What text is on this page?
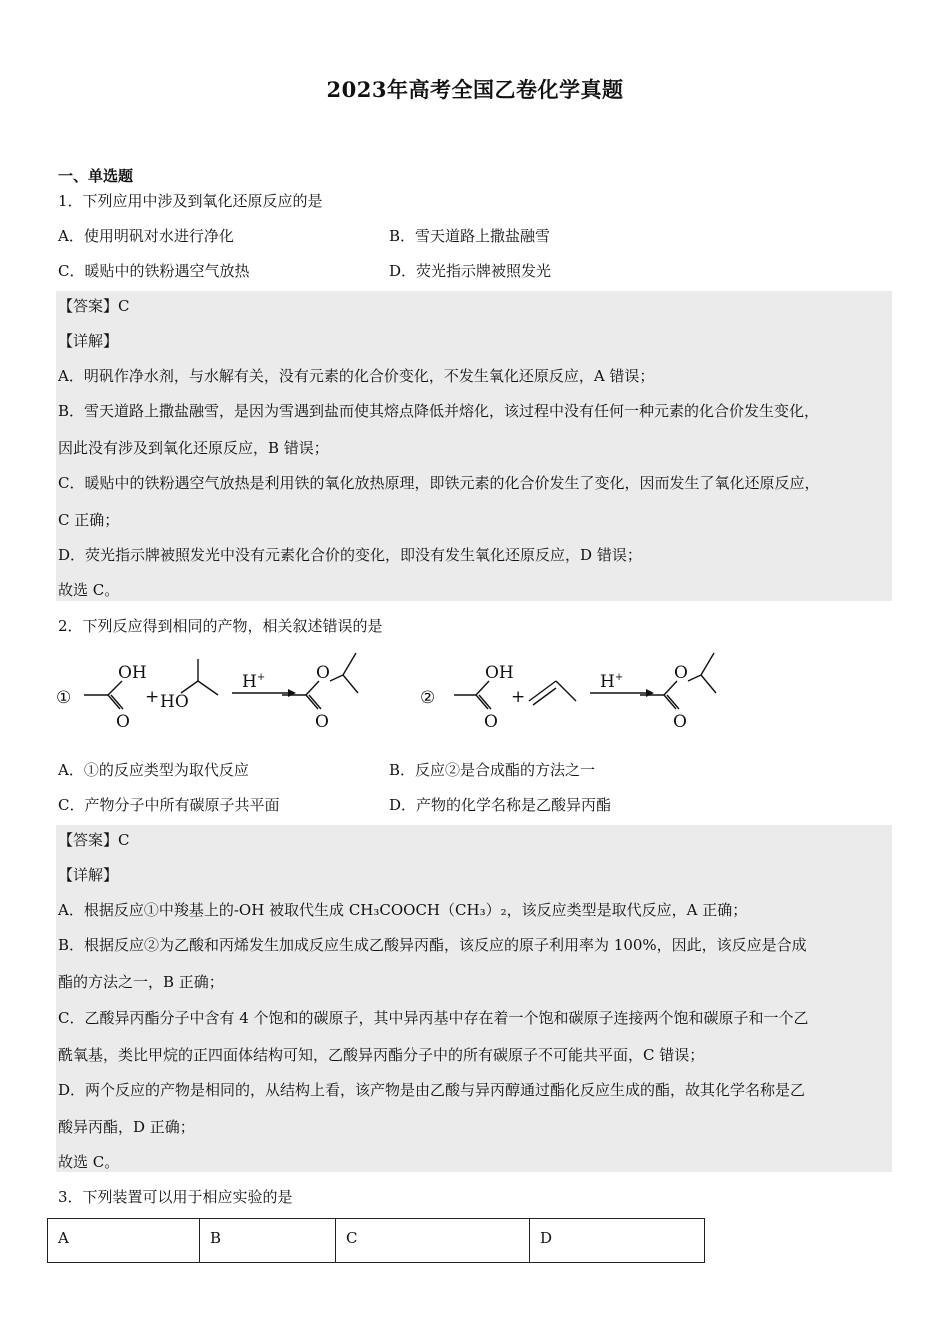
2023年高考全国乙卷化学真题
一、单选题
1．下列应用中涉及到氧化还原反应的是
A．使用明矾对水进行净化	B．雪天道路上撒盐融雪
C．暖贴中的铁粉遇空气放热	D．荧光指示牌被照发光
【答案】C
【详解】
A．明矾作净水剂，与水解有关，没有元素的化合价变化，不发生氧化还原反应，A 错误；
B．雪天道路上撒盐融雪，是因为雪遇到盐而使其熔点降低并熔化，该过程中没有任何一种元素的化合价发生变化，
因此没有涉及到氧化还原反应，B 错误；
C．暖贴中的铁粉遇空气放热是利用铁的氧化放热原理，即铁元素的化合价发生了变化，因而发生了氧化还原反应，
C 正确；
D．荧光指示牌被照发光中没有元素化合价的变化，即没有发生氧化还原反应，D 错误；
故选 C。
2．下列反应得到相同的产物，相关叙述错误的是
①
OH
O
+ HO
H+	O
O
②
OH
O
+
H+	O
O
A．①的反应类型为取代反应	B．反应②是合成酯的方法之一
C．产物分子中所有碳原子共平面	D．产物的化学名称是乙酸异丙酯
【答案】C
【详解】
A．根据反应①中羧基上的-OH 被取代生成 CH₃COOCH（CH₃）₂，该反应类型是取代反应，A 正确；
B．根据反应②为乙酸和丙烯发生加成反应生成乙酸异丙酯，该反应的原子利用率为 100%，因此，该反应是合成
酯的方法之一，B 正确；
C．乙酸异丙酯分子中含有 4 个饱和的碳原子，其中异丙基中存在着一个饱和碳原子连接两个饱和碳原子和一个乙
酰氧基，类比甲烷的正四面体结构可知，乙酸异丙酯分子中的所有碳原子不可能共平面，C 错误；
D．两个反应的产物是相同的，从结构上看，该产物是由乙酸与异丙醇通过酯化反应生成的酯，故其化学名称是乙
酸异丙酯，D 正确；
故选 C。
3．下列装置可以用于相应实验的是
A	B	C	D
